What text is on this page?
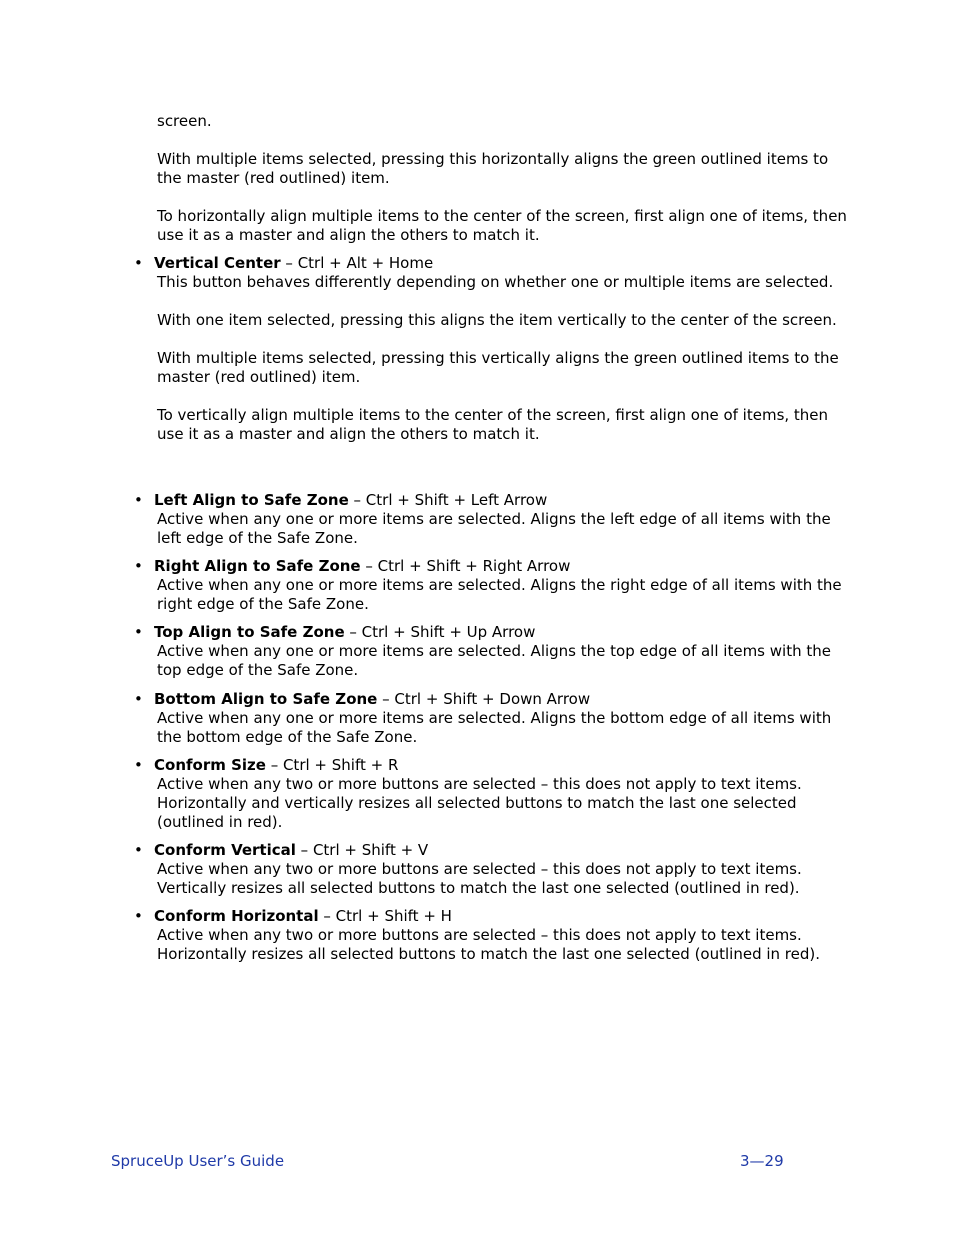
screen.

With multiple items selected, pressing this horizontally aligns the green outlined items to the master (red outlined) item.

To horizontally align multiple items to the center of the screen, first align one of items, then use it as a master and align the others to match it.

• Vertical Center – Ctrl + Alt + Home

This button behaves differently depending on whether one or multiple items are selected.

With one item selected, pressing this aligns the item vertically to the center of the screen.

With multiple items selected, pressing this vertically aligns the green outlined items to the master (red outlined) item.

To vertically align multiple items to the center of the screen, first align one of items, then use it as a master and align the others to match it.

• Left Align to Safe Zone – Ctrl + Shift + Left Arrow

Active when any one or more items are selected. Aligns the left edge of all items with the left edge of the Safe Zone.

• Right Align to Safe Zone – Ctrl + Shift + Right Arrow

Active when any one or more items are selected. Aligns the right edge of all items with the right edge of the Safe Zone.

• Top Align to Safe Zone – Ctrl + Shift + Up Arrow

Active when any one or more items are selected. Aligns the top edge of all items with the top edge of the Safe Zone.

• Bottom Align to Safe Zone – Ctrl + Shift + Down Arrow

Active when any one or more items are selected. Aligns the bottom edge of all items with the bottom edge of the Safe Zone.

• Conform Size – Ctrl + Shift + R

Active when any two or more buttons are selected – this does not apply to text items. Horizontally and vertically resizes all selected buttons to match the last one selected (outlined in red).

• Conform Vertical – Ctrl + Shift + V

Active when any two or more buttons are selected – this does not apply to text items. Vertically resizes all selected buttons to match the last one selected (outlined in red).

• Conform Horizontal – Ctrl + Shift + H

Active when any two or more buttons are selected – this does not apply to text items. Horizontally resizes all selected buttons to match the last one selected (outlined in red).

SpruceUp User’s Guide	3—29
